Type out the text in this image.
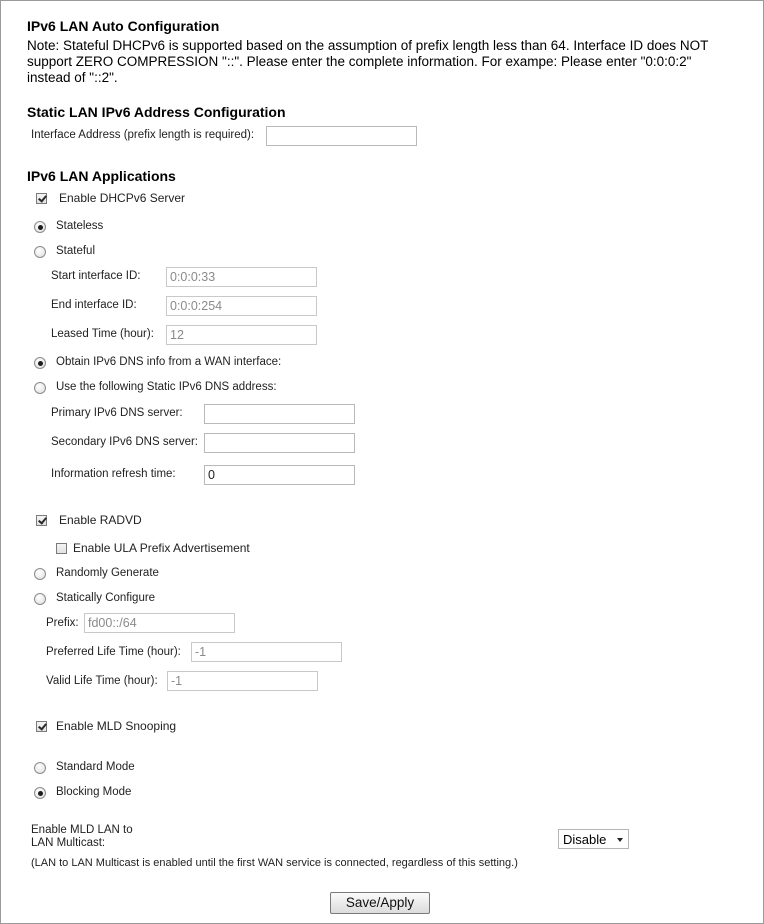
IPv6 LAN Auto Configuration
Note: Stateful DHCPv6 is supported based on the assumption of prefix length less than 64. Interface ID does NOT
support ZERO COMPRESSION "::". Please enter the complete information. For exampe: Please enter "0:0:0:2"
instead of "::2".
Static LAN IPv6 Address Configuration
Interface Address (prefix length is required):
IPv6 LAN Applications
Enable DHCPv6 Server
Stateless
Stateful
Start interface ID:
0:0:0:33
End interface ID:
0:0:0:254
Leased Time (hour):
12
Obtain IPv6 DNS info from a WAN interface:
Use the following Static IPv6 DNS address:
Primary IPv6 DNS server:
Secondary IPv6 DNS server:
Information refresh time:
0
Enable RADVD
Enable ULA Prefix Advertisement
Randomly Generate
Statically Configure
Prefix:
fd00::/64
Preferred Life Time (hour):
-1
Valid Life Time (hour):
-1
Enable MLD Snooping
Standard Mode
Blocking Mode
Enable MLD LAN to
LAN Multicast:	Disable
(LAN to LAN Multicast is enabled until the first WAN service is connected, regardless of this setting.)
Save/Apply
